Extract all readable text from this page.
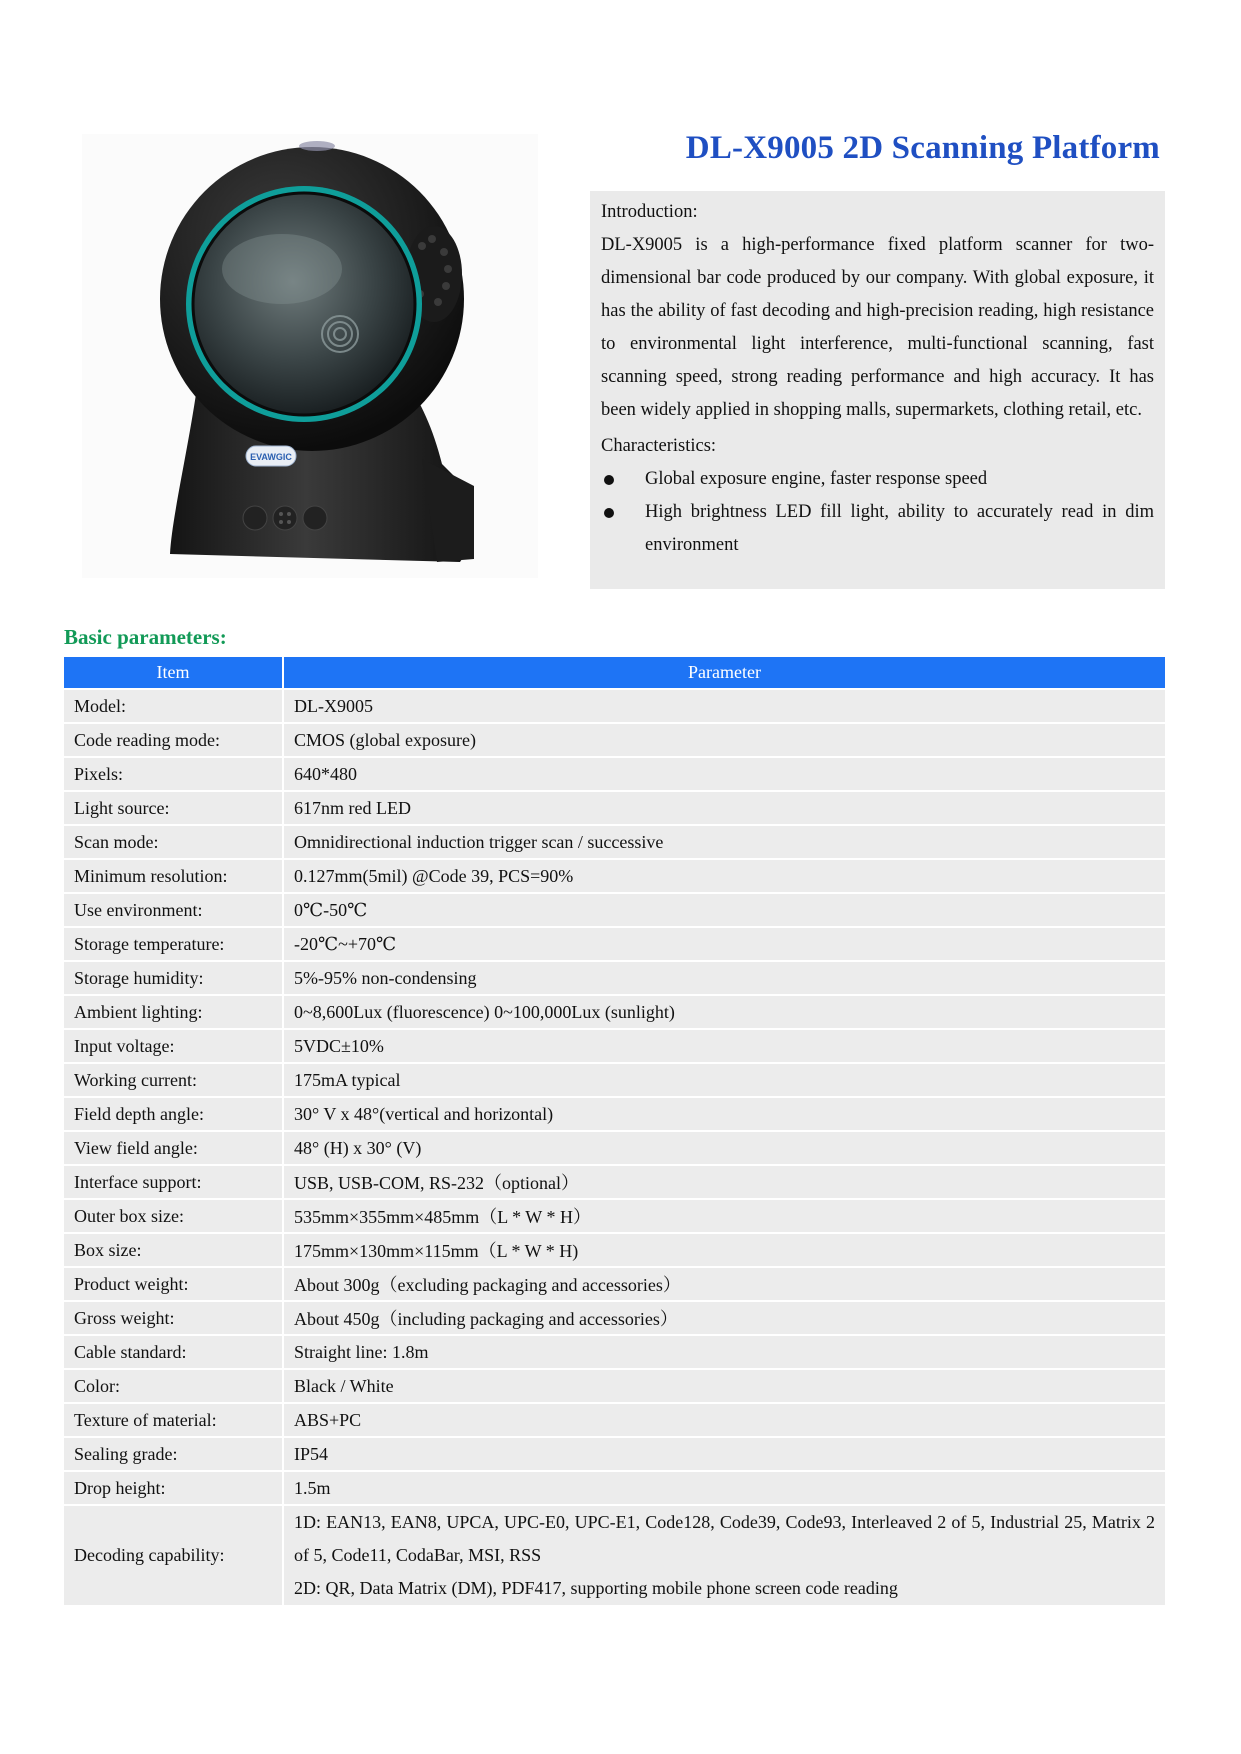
EVAWGIC
DL-X9005 2D Scanning Platform
Introduction:

DL-X9005 is a high-performance fixed platform scanner for two-dimensional bar code produced by our company. With global exposure, it has the ability of fast decoding and high-precision reading, high resistance to environmental light interference, multi-functional scanning, fast scanning speed, strong reading performance and high accuracy. It has been widely applied in shopping malls, supermarkets, clothing retail, etc.

Characteristics:
Global exposure engine, faster response speed
High brightness LED fill light, ability to accurately read in dim environment
Basic parameters:
Item	Parameter
Model:	DL-X9005
Code reading mode:	CMOS (global exposure)
Pixels:	640*480
Light source:	617nm red LED
Scan mode:	Omnidirectional induction trigger scan / successive
Minimum resolution:	0.127mm(5mil) @Code 39, PCS=90%
Use environment:	0℃-50℃
Storage temperature:	-20℃~+70℃
Storage humidity:	5%-95% non-condensing
Ambient lighting:	0~8,600Lux (fluorescence) 0~100,000Lux (sunlight)
Input voltage:	5VDC±10%
Working current:	175mA typical
Field depth angle:	30° V x 48°(vertical and horizontal)
View field angle:	48° (H) x 30° (V)
Interface support:	USB, USB-COM, RS-232（optional）
Outer box size:	535mm×355mm×485mm（L * W * H）
Box size:	175mm×130mm×115mm（L * W * H)
Product weight:	About 300g（excluding packaging and accessories）
Gross weight:	About 450g（including packaging and accessories）
Cable standard:	Straight line: 1.8m
Color:	Black / White
Texture of material:	ABS+PC
Sealing grade:	IP54
Drop height:	1.5m
Decoding capability:	1D: EAN13, EAN8, UPCA, UPC-E0, UPC-E1, Code128, Code39, Code93, Interleaved 2 of 5, Industrial 25, Matrix 2 of 5, Code11, CodaBar, MSI, RSS
2D: QR, Data Matrix (DM), PDF417, supporting mobile phone screen code reading
